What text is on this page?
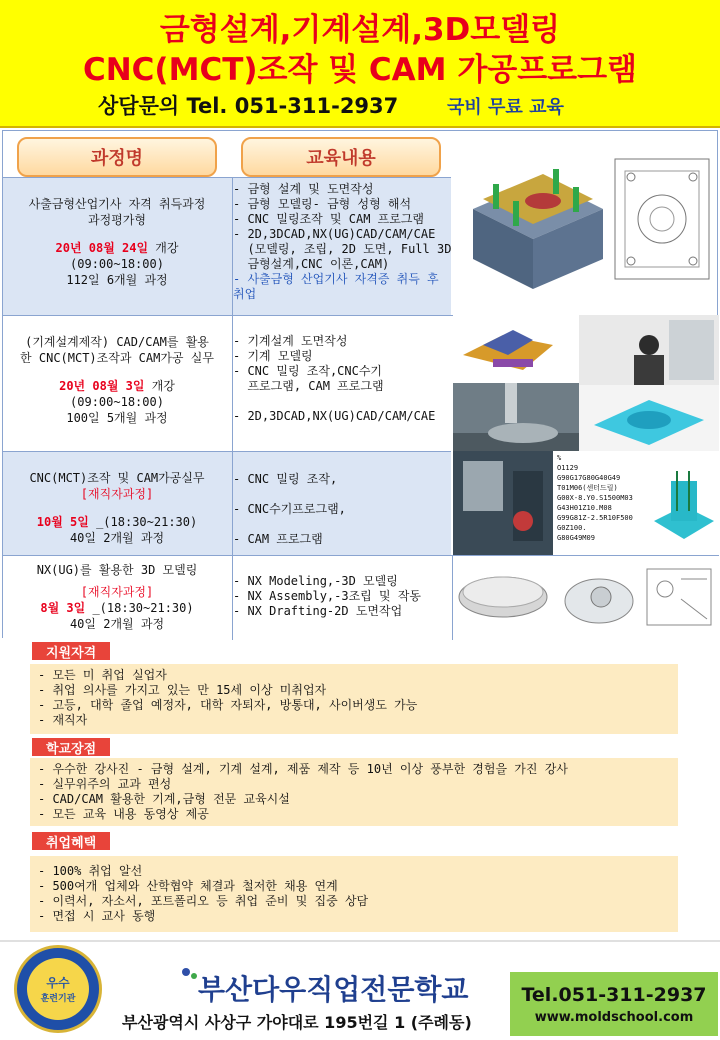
금형설계,기계설계,3D모델링
CNC(MCT)조작 및 CAM 가공프로그램
상담문의 Tel. 051-311-2937	국비 무료 교육
과정명	교육내용
사출금형산업기사 자격 취득과정
과정평가형
20년 08월 24일 개강
(09:00~18:00)
112일 6개월 과정
- 금형 설계 및 도면작성
- 금형 모델링- 금형 성형 해석
- CNC 밀링조작 및 CAM 프로그램
- 2D,3DCAD,NX(UG)CAD/CAM/CAE
(모델링, 조립, 2D 도면, Full 3D
금형설계,CNC 이론,CAM)
- 사출금형 산업기사 자격증 취득 후 취업
(기계설계제작) CAD/CAM를 활용
한 CNC(MCT)조작과 CAM가공 실무
20년 08월 3일 개강
(09:00~18:00)
100일 5개월 과정
- 기계설계 도면작성
- 기계 모델링
- CNC 밀링 조작,CNC수기
프로그램, CAM 프로그램
- 2D,3DCAD,NX(UG)CAD/CAM/CAE
CNC(MCT)조작 및 CAM가공실무
[재직자과정]
10월 5일 _(18:30~21:30)
40일 2개월 과정
- CNC 밀링 조작,
- CNC수기프로그램,
- CAM 프로그램
NX(UG)를 활용한 3D 모델링
[재직자과정]
8월 3일 _(18:30~21:30)
40일 2개월 과정
- NX Modeling,-3D 모델링
- NX Assembly,-3조립 및 작동
- NX Drafting-2D 도면작업
%
O1129
G90G17G80G40G49
T01M06(센터드릴)
G00X-8.Y0.S1500M03
G43H01Z10.M08
G99G81Z-2.5R10F500
G0Z100.
G80G49M09
지원자격
- 모든 미 취업 실업자
- 취업 의사를 가지고 있는 만 15세 이상 미취업자
- 고등, 대학 졸업 예정자, 대학 자퇴자, 방통대, 사이버생도 가능
- 재직자
학교장점
- 우수한 강사진 - 금형 설계, 기계 설계, 제품 제작 등 10년 이상 풍부한 경험을 가진 강사
- 실무위주의 교과 편성
- CAD/CAM 활용한 기계,금형 전문 교육시설
- 모든 교육 내용 동영상 제공
취업혜택
- 100% 취업 알선
- 500여개 업체와 산학협약 체결과 철저한 채용 연계
- 이력서, 자소서, 포트폴리오 등 취업 준비 및 집중 상담
- 면접 시 교사 동행
우수
훈련기관	부산다우직업전문학교
부산광역시 사상구 가야대로 195번길 1 (주례동)
Tel.051-311-2937
www.moldschool.com
